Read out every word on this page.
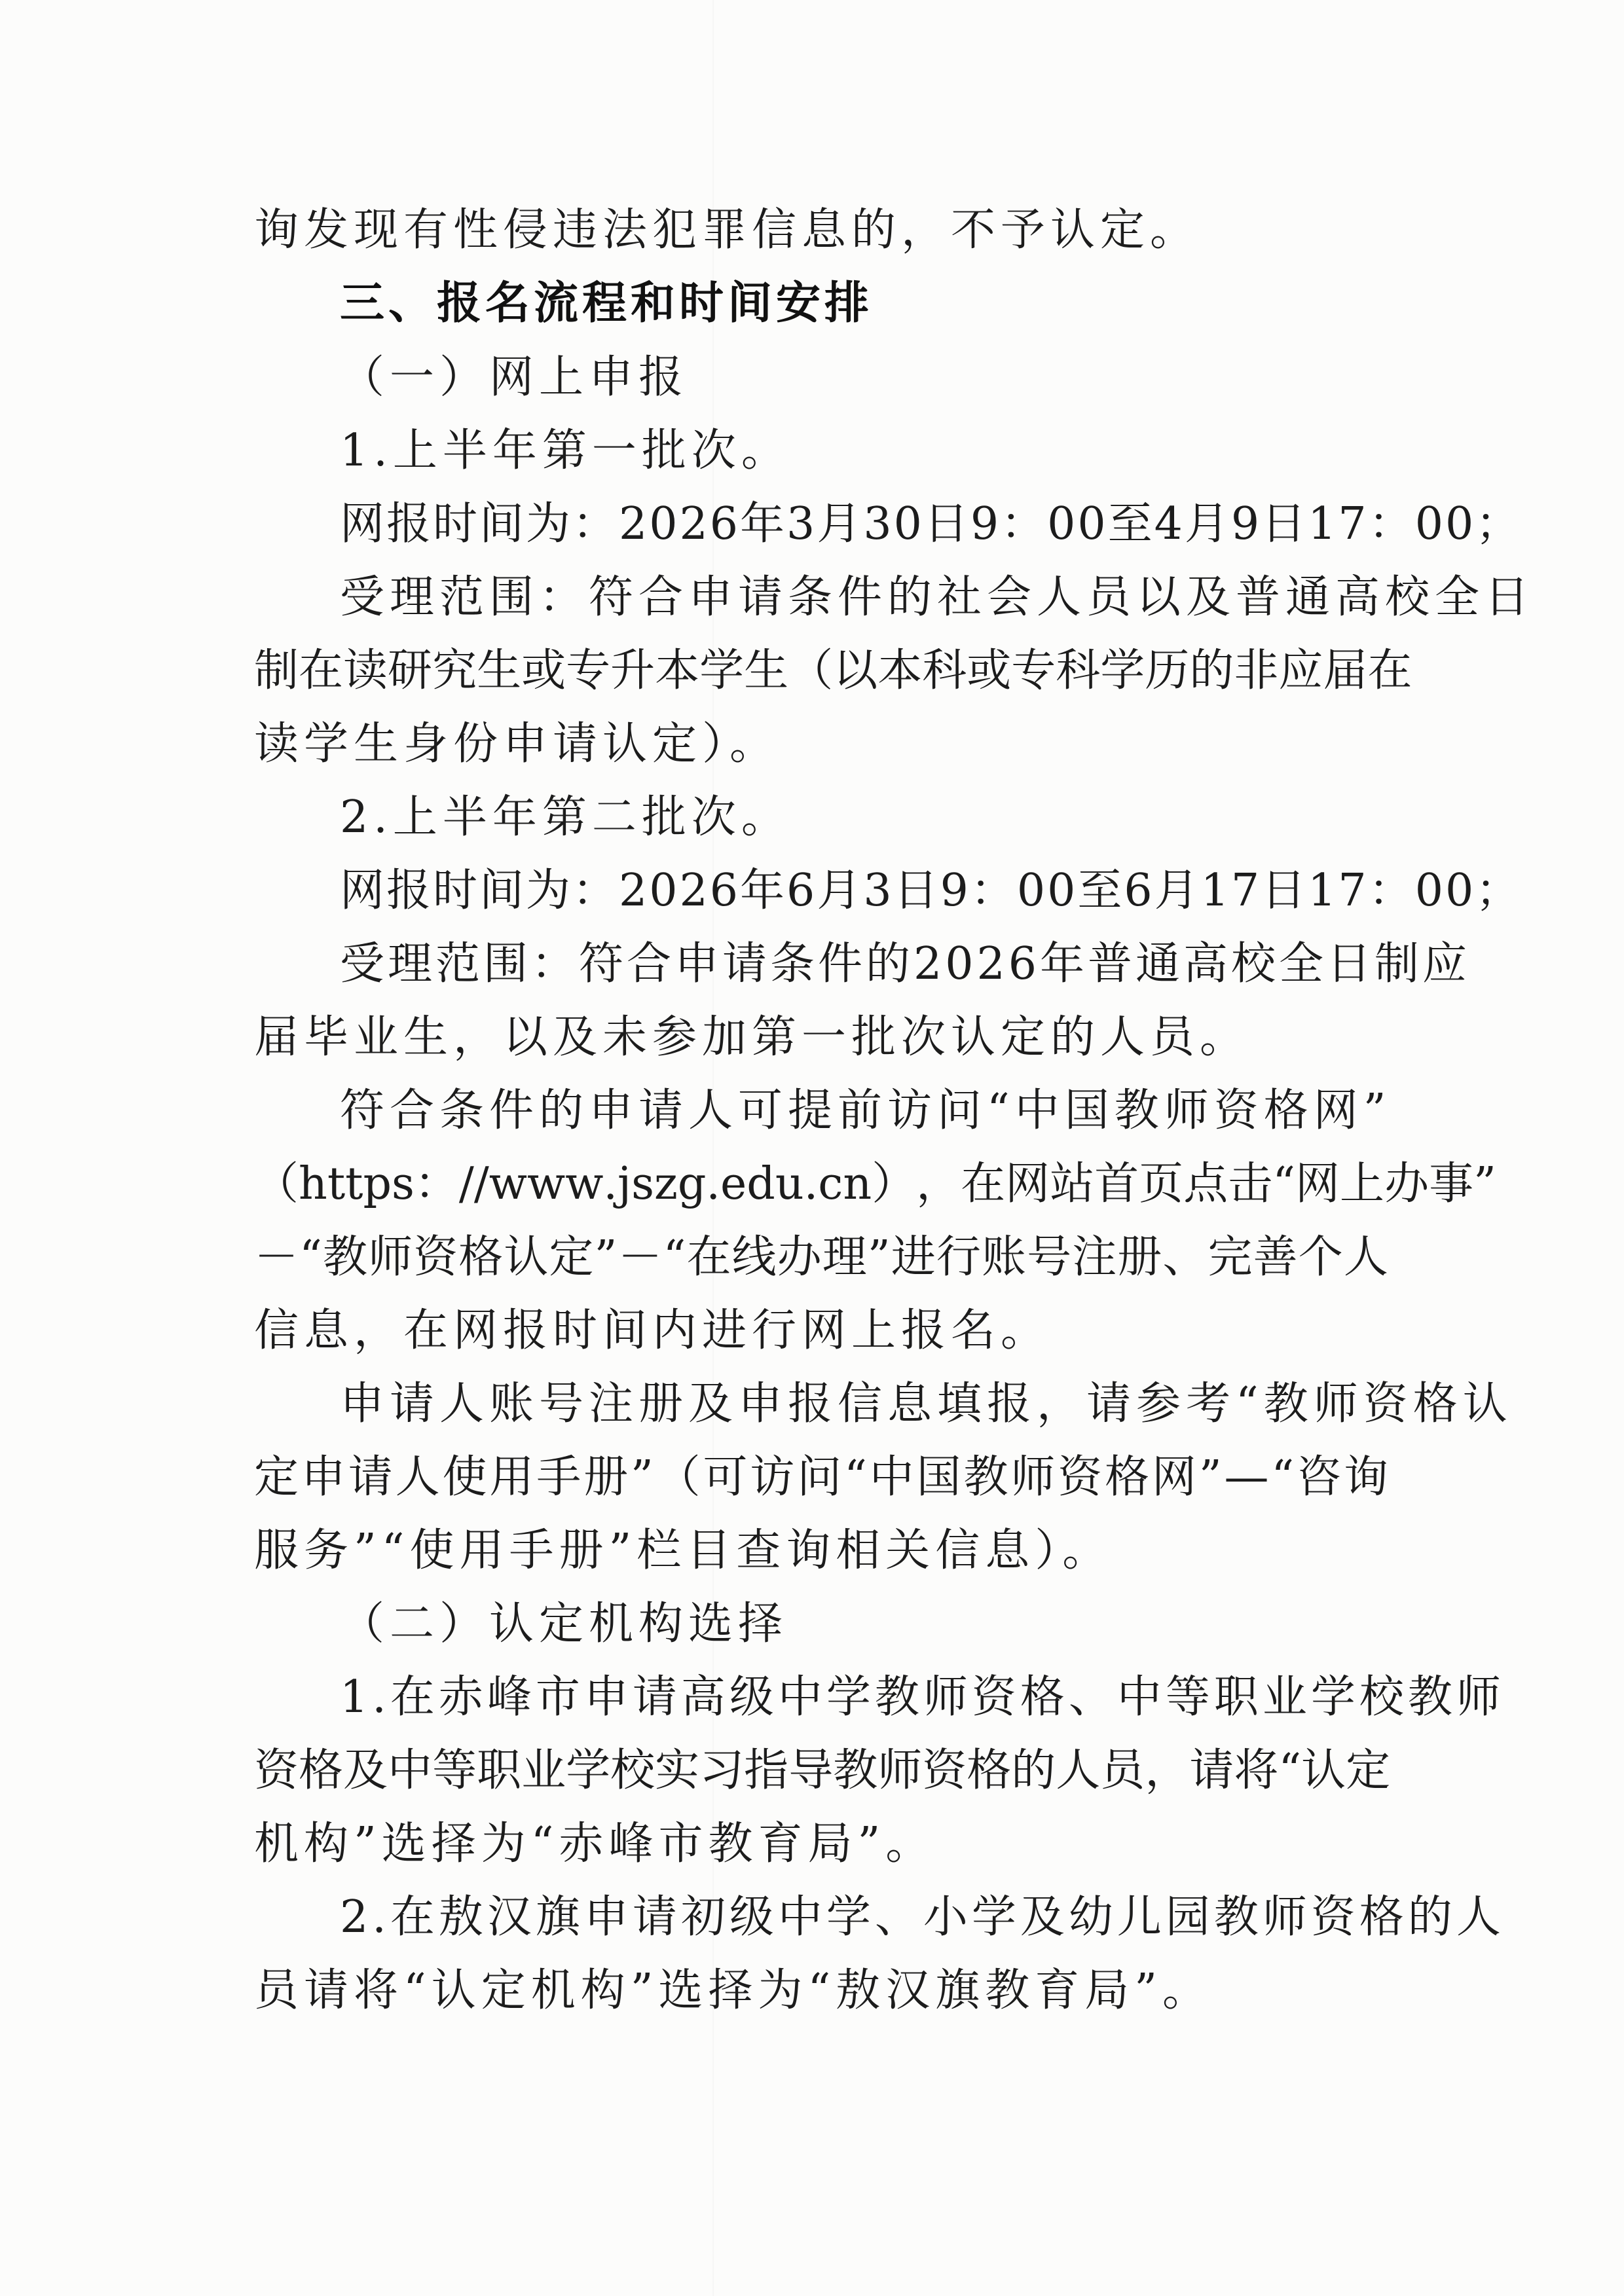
询发现有性侵违法犯罪信息的，不予认定。
三、报名流程和时间安排
（一）网上申报
1.上半年第一批次。
网报时间为：2026年3月30日9：00至4月9日17：00；
受理范围：符合申请条件的社会人员以及普通高校全日
制 在 读 研 究 生 或 专 升 本 学 生 （ 以 本 科 或 专 科 学 历 的 非 应 届 在
读学生身份申请认定）。
2.上半年第二批次。
网报时间为：2026年6月3日9：00至6月17日17：00；
受理范围：符合申请条件的2026年普通高校全日制应
届毕业生，以及未参加第一批次认定的人员。
符合条件的申请人可提前访问“中国教师资格网”
（ h t t p s ： / / w w w . j s z g . e d u . c n ） ， 在 网 站 首 页 点 击 “ 网 上 办 事 ”
－ “ 教 师 资 格 认 定 ” － “ 在 线 办 理 ” 进 行 账 号 注 册 、 完 善 个 人
信息，在网报时间内进行网上报名。
申请人账号注册及申报信息填报，请参考“教师资格认
定 申 请 人 使 用 手 册 ” （ 可 访 问 “ 中 国 教 师 资 格 网 ” — “ 咨 询
服务”“使用手册”栏目查询相关信息）。
（二）认定机构选择
1.在赤峰市申请高级中学教师资格、中等职业学校教师
资 格 及 中 等 职 业 学 校 实 习 指 导 教 师 资 格 的 人 员 ， 请 将 “ 认 定
机构”选择为“赤峰市教育局”。
2.在敖汉旗申请初级中学、小学及幼儿园教师资格的人
员请将“认定机构”选择为“敖汉旗教育局”。
